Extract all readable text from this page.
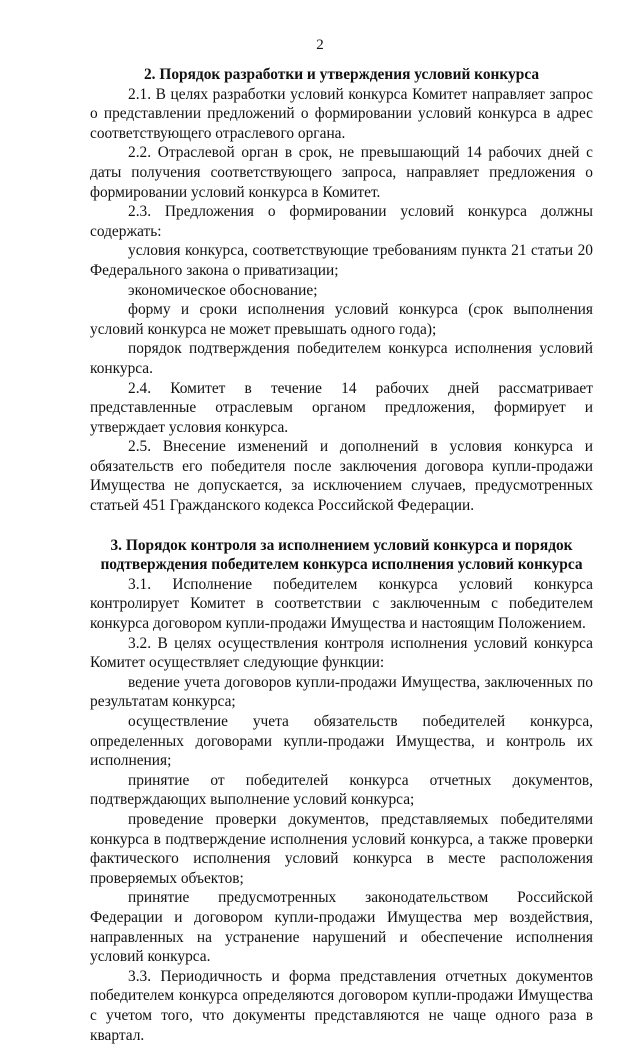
2

2. Порядок разработки и утверждения условий конкурса

2.1. В целях разработки условий конкурса Комитет направляет запрос о представлении предложений о формировании условий конкурса в адрес соответствующего отраслевого органа.

2.2. Отраслевой орган в срок, не превышающий 14 рабочих дней с даты получения соответствующего запроса, направляет предложения о формировании условий конкурса в Комитет.

2.3. Предложения о формировании условий конкурса должны содержать:

условия конкурса, соответствующие требованиям пункта 21 статьи 20 Федерального закона о приватизации;

экономическое обоснование;

форму и сроки исполнения условий конкурса (срок выполнения условий конкурса не может превышать одного года);

порядок подтверждения победителем конкурса исполнения условий конкурса.

2.4. Комитет в течение 14 рабочих дней рассматривает представленные отраслевым органом предложения, формирует и утверждает условия конкурса.

2.5. Внесение изменений и дополнений в условия конкурса и обязательств его победителя после заключения договора купли-продажи Имущества не допускается, за исключением случаев, предусмотренных статьей 451 Гражданского кодекса Российской Федерации.

3. Порядок контроля за исполнением условий конкурса и порядок

подтверждения победителем конкурса исполнения условий конкурса

3.1. Исполнение победителем конкурса условий конкурса контролирует Комитет в соответствии с заключенным с победителем конкурса договором купли-продажи Имущества и настоящим Положением.

3.2. В целях осуществления контроля исполнения условий конкурса Комитет осуществляет следующие функции:

ведение учета договоров купли-продажи Имущества, заключенных по результатам конкурса;

осуществление учета обязательств победителей конкурса, определенных договорами купли-продажи Имущества, и контроль их исполнения;

принятие от победителей конкурса отчетных документов, подтверждающих выполнение условий конкурса;

проведение проверки документов, представляемых победителями конкурса в подтверждение исполнения условий конкурса, а также проверки фактического исполнения условий конкурса в месте расположения проверяемых объектов;

принятие предусмотренных законодательством Российской Федерации и договором купли-продажи Имущества мер воздействия, направленных на устранение нарушений и обеспечение исполнения условий конкурса.

3.3. Периодичность и форма представления отчетных документов победителем конкурса определяются договором купли-продажи Имущества с учетом того, что документы представляются не чаще одного раза в квартал.
